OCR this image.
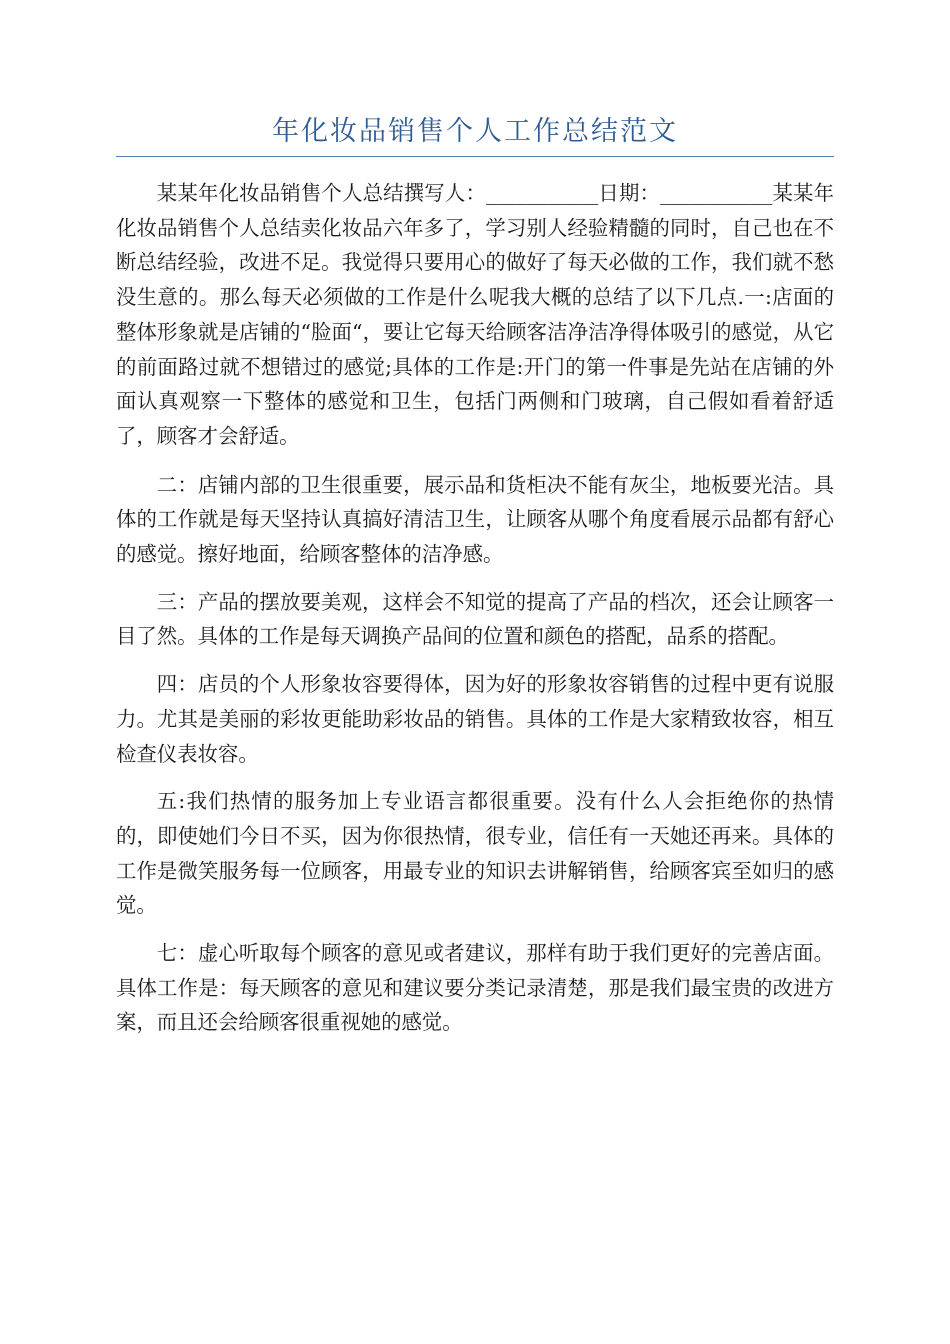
年化妆品销售个人工作总结范文

某某年化妆品销售个人总结撰写人：___________日期：___________某某年化妆品销售个人总结卖化妆品六年多了，学习别人经验精髓的同时，自己也在不断总结经验，改进不足。我觉得只要用心的做好了每天必做的工作，我们就不愁没生意的。那么每天必须做的工作是什么呢我大概的总结了以下几点.一:店面的整体形象就是店铺的“脸面“，要让它每天给顾客洁净洁净得体吸引的感觉，从它的前面路过就不想错过的感觉;具体的工作是:开门的第一件事是先站在店铺的外面认真观察一下整体的感觉和卫生，包括门两侧和门玻璃，自己假如看着舒适了，顾客才会舒适。

二：店铺内部的卫生很重要，展示品和货柜决不能有灰尘，地板要光洁。具体的工作就是每天坚持认真搞好清洁卫生，让顾客从哪个角度看展示品都有舒心的感觉。擦好地面，给顾客整体的洁净感。

三：产品的摆放要美观，这样会不知觉的提高了产品的档次，还会让顾客一目了然。具体的工作是每天调换产品间的位置和颜色的搭配，品系的搭配。

四：店员的个人形象妆容要得体，因为好的形象妆容销售的过程中更有说服力。尤其是美丽的彩妆更能助彩妆品的销售。具体的工作是大家精致妆容，相互检查仪表妆容。

五:我们热情的服务加上专业语言都很重要。没有什么人会拒绝你的热情的，即使她们今日不买，因为你很热情，很专业，信任有一天她还再来。具体的工作是微笑服务每一位顾客，用最专业的知识去讲解销售，给顾客宾至如归的感觉。

七：虚心听取每个顾客的意见或者建议，那样有助于我们更好的完善店面。具体工作是：每天顾客的意见和建议要分类记录清楚，那是我们最宝贵的改进方案，而且还会给顾客很重视她的感觉。
